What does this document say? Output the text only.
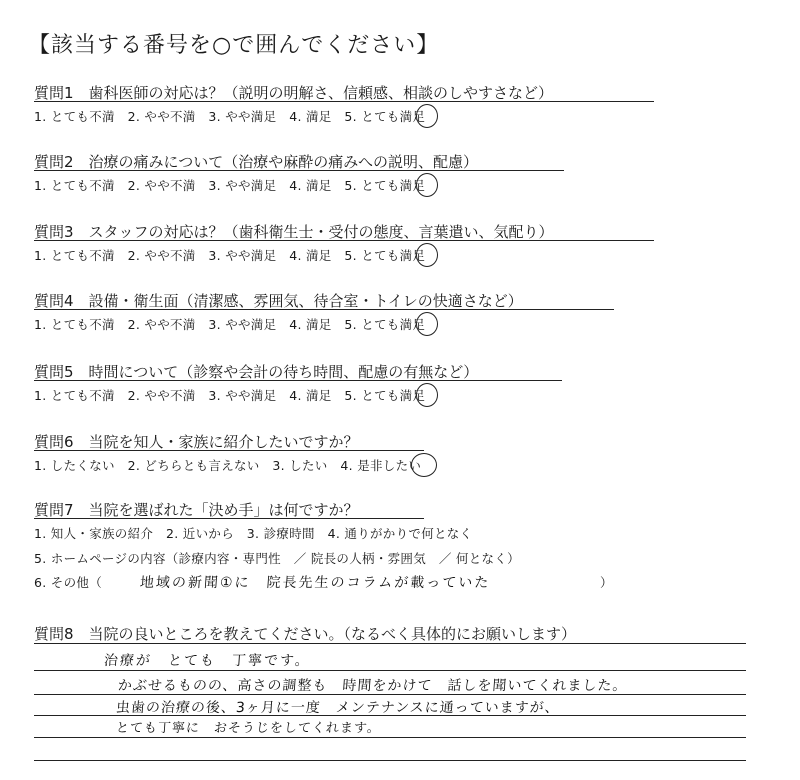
【該当する番号を○で囲んでください】
質問1　歯科医師の対応は？（説明の明解さ、信頼感、相談のしやすさなど）
1. とても不満　2. やや不満　3. やや満足　4. 満足　5. とても満足
質問2　治療の痛みについて（治療や麻酔の痛みへの説明、配慮）
1. とても不満　2. やや不満　3. やや満足　4. 満足　5. とても満足
質問3　スタッフの対応は？（歯科衛生士・受付の態度、言葉遣い、気配り）
1. とても不満　2. やや不満　3. やや満足　4. 満足　5. とても満足
質問4　設備・衛生面（清潔感、雰囲気、待合室・トイレの快適さなど）
1. とても不満　2. やや不満　3. やや満足　4. 満足　5. とても満足
質問5　時間について（診察や会計の待ち時間、配慮の有無など）
1. とても不満　2. やや不満　3. やや満足　4. 満足　5. とても満足
質問6　当院を知人・家族に紹介したいですか？
1. したくない　2. どちらとも言えない　3. したい　4. 是非したい
質問7　当院を選ばれた「決め手」は何ですか？
1. 知人・家族の紹介　2. 近いから　3. 診療時間　4. 通りがかりで何となく
5. ホームページの内容（診療内容・専門性　／ 院長の人柄・雰囲気　／ 何となく）
6. その他（	地域の新聞①に　院長先生のコラムが載っていた	）
質問8　当院の良いところを教えてください。（なるべく具体的にお願いします）
治療が　とても　丁寧です。
かぶせるものの、高さの調整も　時間をかけて　話しを聞いてくれました。
虫歯の治療の後、3ヶ月に一度　メンテナンスに通っていますが、
とても丁寧に　おそうじをしてくれます。
